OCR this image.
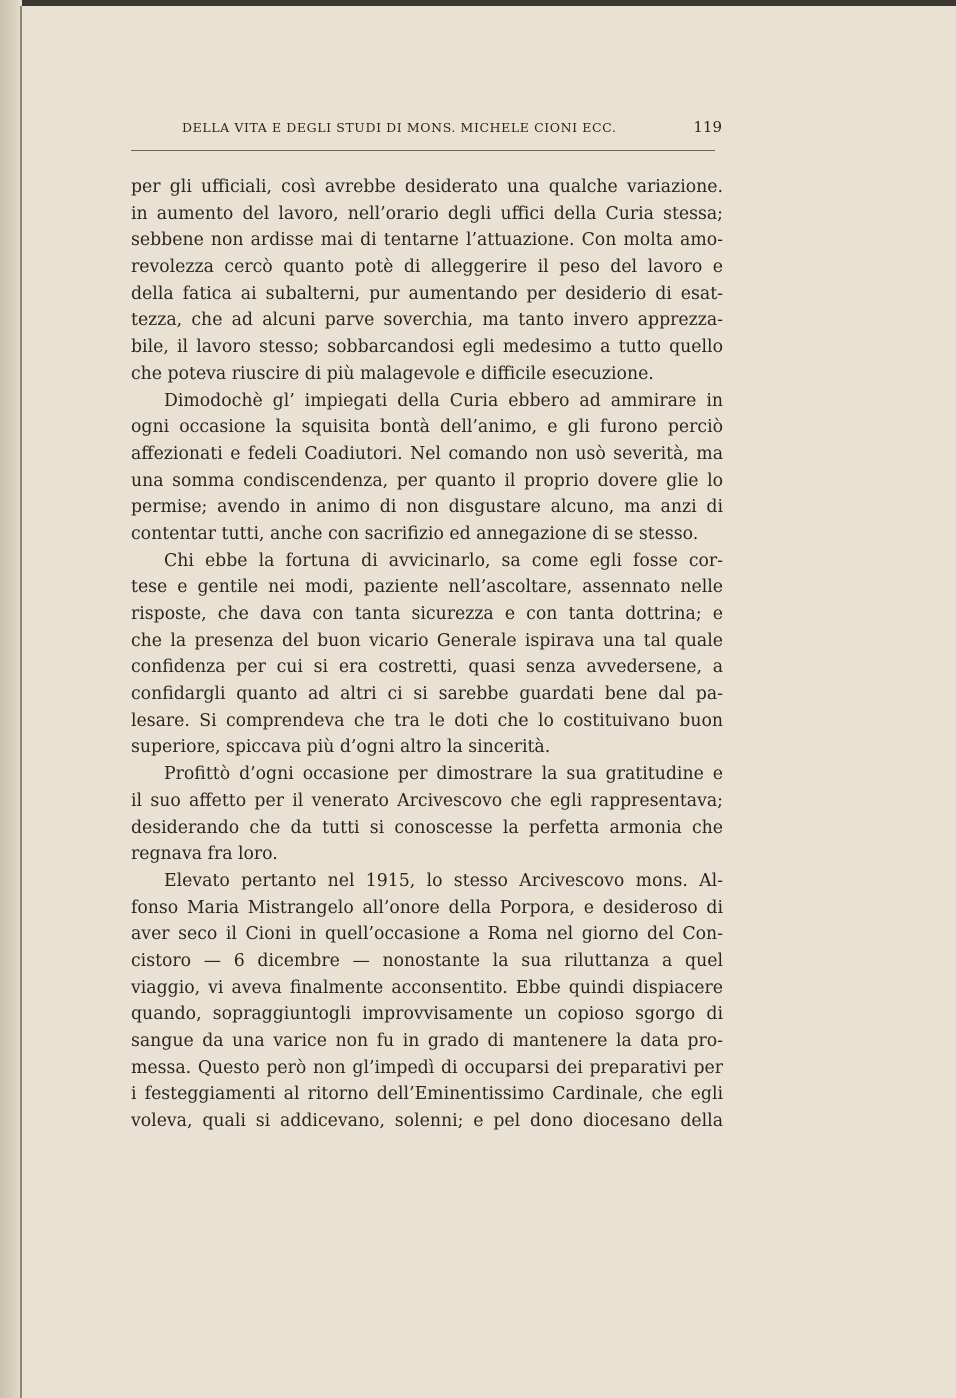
DELLA VITA E DEGLI STUDI DI MONS. MICHELE CIONI ECC.	119
per gli ufficiali, così avrebbe desiderato una qualche variazione.
in aumento del lavoro, nell’orario degli uffici della Curia stessa;
sebbene non ardisse mai di tentarne l’attuazione. Con molta amo-
revolezza cercò quanto potè di alleggerire il peso del lavoro e
della fatica ai subalterni, pur aumentando per desiderio di esat-
tezza, che ad alcuni parve soverchia, ma tanto invero apprezza-
bile, il lavoro stesso; sobbarcandosi egli medesimo a tutto quello
che poteva riuscire di più malagevole e difficile esecuzione.
Dimodochè gl’ impiegati della Curia ebbero ad ammirare in
ogni occasione la squisita bontà dell’animo, e gli furono perciò
affezionati e fedeli Coadiutori. Nel comando non usò severità, ma
una somma condiscendenza, per quanto il proprio dovere glie lo
permise; avendo in animo di non disgustare alcuno, ma anzi di
contentar tutti, anche con sacrifizio ed annegazione di se stesso.
Chi ebbe la fortuna di avvicinarlo, sa come egli fosse cor-
tese e gentile nei modi, paziente nell’ascoltare, assennato nelle
risposte, che dava con tanta sicurezza e con tanta dottrina; e
che la presenza del buon vicario Generale ispirava una tal quale
confidenza per cui si era costretti, quasi senza avvedersene, a
confidargli quanto ad altri ci si sarebbe guardati bene dal pa-
lesare. Si comprendeva che tra le doti che lo costituivano buon
superiore, spiccava più d’ogni altro la sincerità.
Profittò d’ogni occasione per dimostrare la sua gratitudine e
il suo affetto per il venerato Arcivescovo che egli rappresentava;
desiderando che da tutti si conoscesse la perfetta armonia che
regnava fra loro.
Elevato pertanto nel 1915, lo stesso Arcivescovo mons. Al-
fonso Maria Mistrangelo all’onore della Porpora, e desideroso di
aver seco il Cioni in quell’occasione a Roma nel giorno del Con-
cistoro — 6 dicembre — nonostante la sua riluttanza a quel
viaggio, vi aveva finalmente acconsentito. Ebbe quindi dispiacere
quando, sopraggiuntogli improvvisamente un copioso sgorgo di
sangue da una varice non fu in grado di mantenere la data pro-
messa. Questo però non gl’impedì di occuparsi dei preparativi per
i festeggiamenti al ritorno dell’Eminentissimo Cardinale, che egli
voleva, quali si addicevano, solenni; e pel dono diocesano della
